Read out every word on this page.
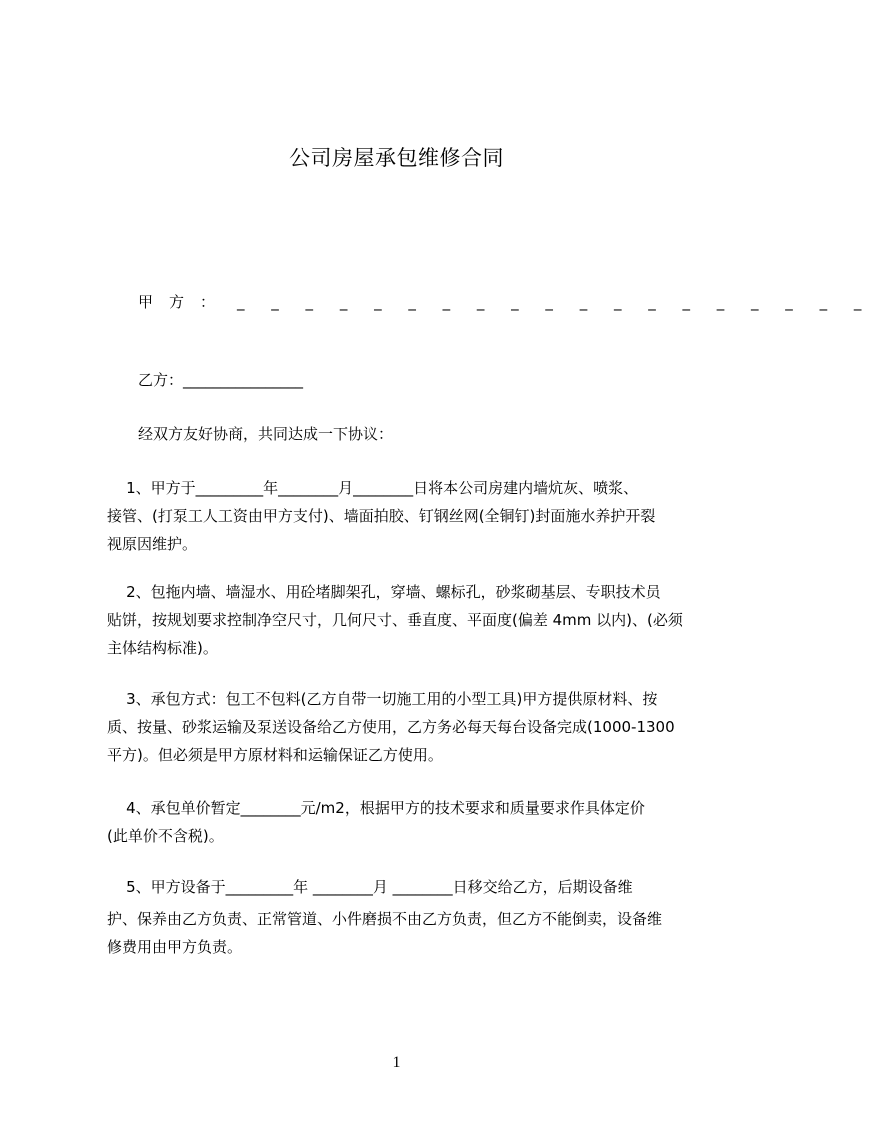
公司房屋承包维修合同
甲方： _ _ _ _ _ _ _ _ _ _ _ _ _ _ _ _ _ _ _
乙方：________________
经双方友好协商，共同达成一下协议：
1、甲方于_________年________月________日将本公司房建内墙炕灰、喷浆、
接管、(打泵工人工资由甲方支付)、墙面拍胶、钉钢丝网(全铜钉)封面施水养护开裂
视原因维护。
2、包拖内墙、墙湿水、用砼堵脚架孔，穿墙、螺标孔，砂浆砌基层、专职技术员
贴饼，按规划要求控制净空尺寸，几何尺寸、垂直度、平面度(偏差 4mm 以内)、(必须
主体结构标准)。
3、承包方式：包工不包料(乙方自带一切施工用的小型工具)甲方提供原材料、按
质、按量、砂浆运输及泵送设备给乙方使用，乙方务必每天每台设备完成(1000-1300
平方)。但必须是甲方原材料和运输保证乙方使用。
4、承包单价暂定________元/m2，根据甲方的技术要求和质量要求作具体定价
(此单价不含税)。
5、甲方设备于_________年 ________月 ________日移交给乙方，后期设备维
护、保养由乙方负责、正常管道、小件磨损不由乙方负责，但乙方不能倒卖，设备维
修费用由甲方负责。
1
